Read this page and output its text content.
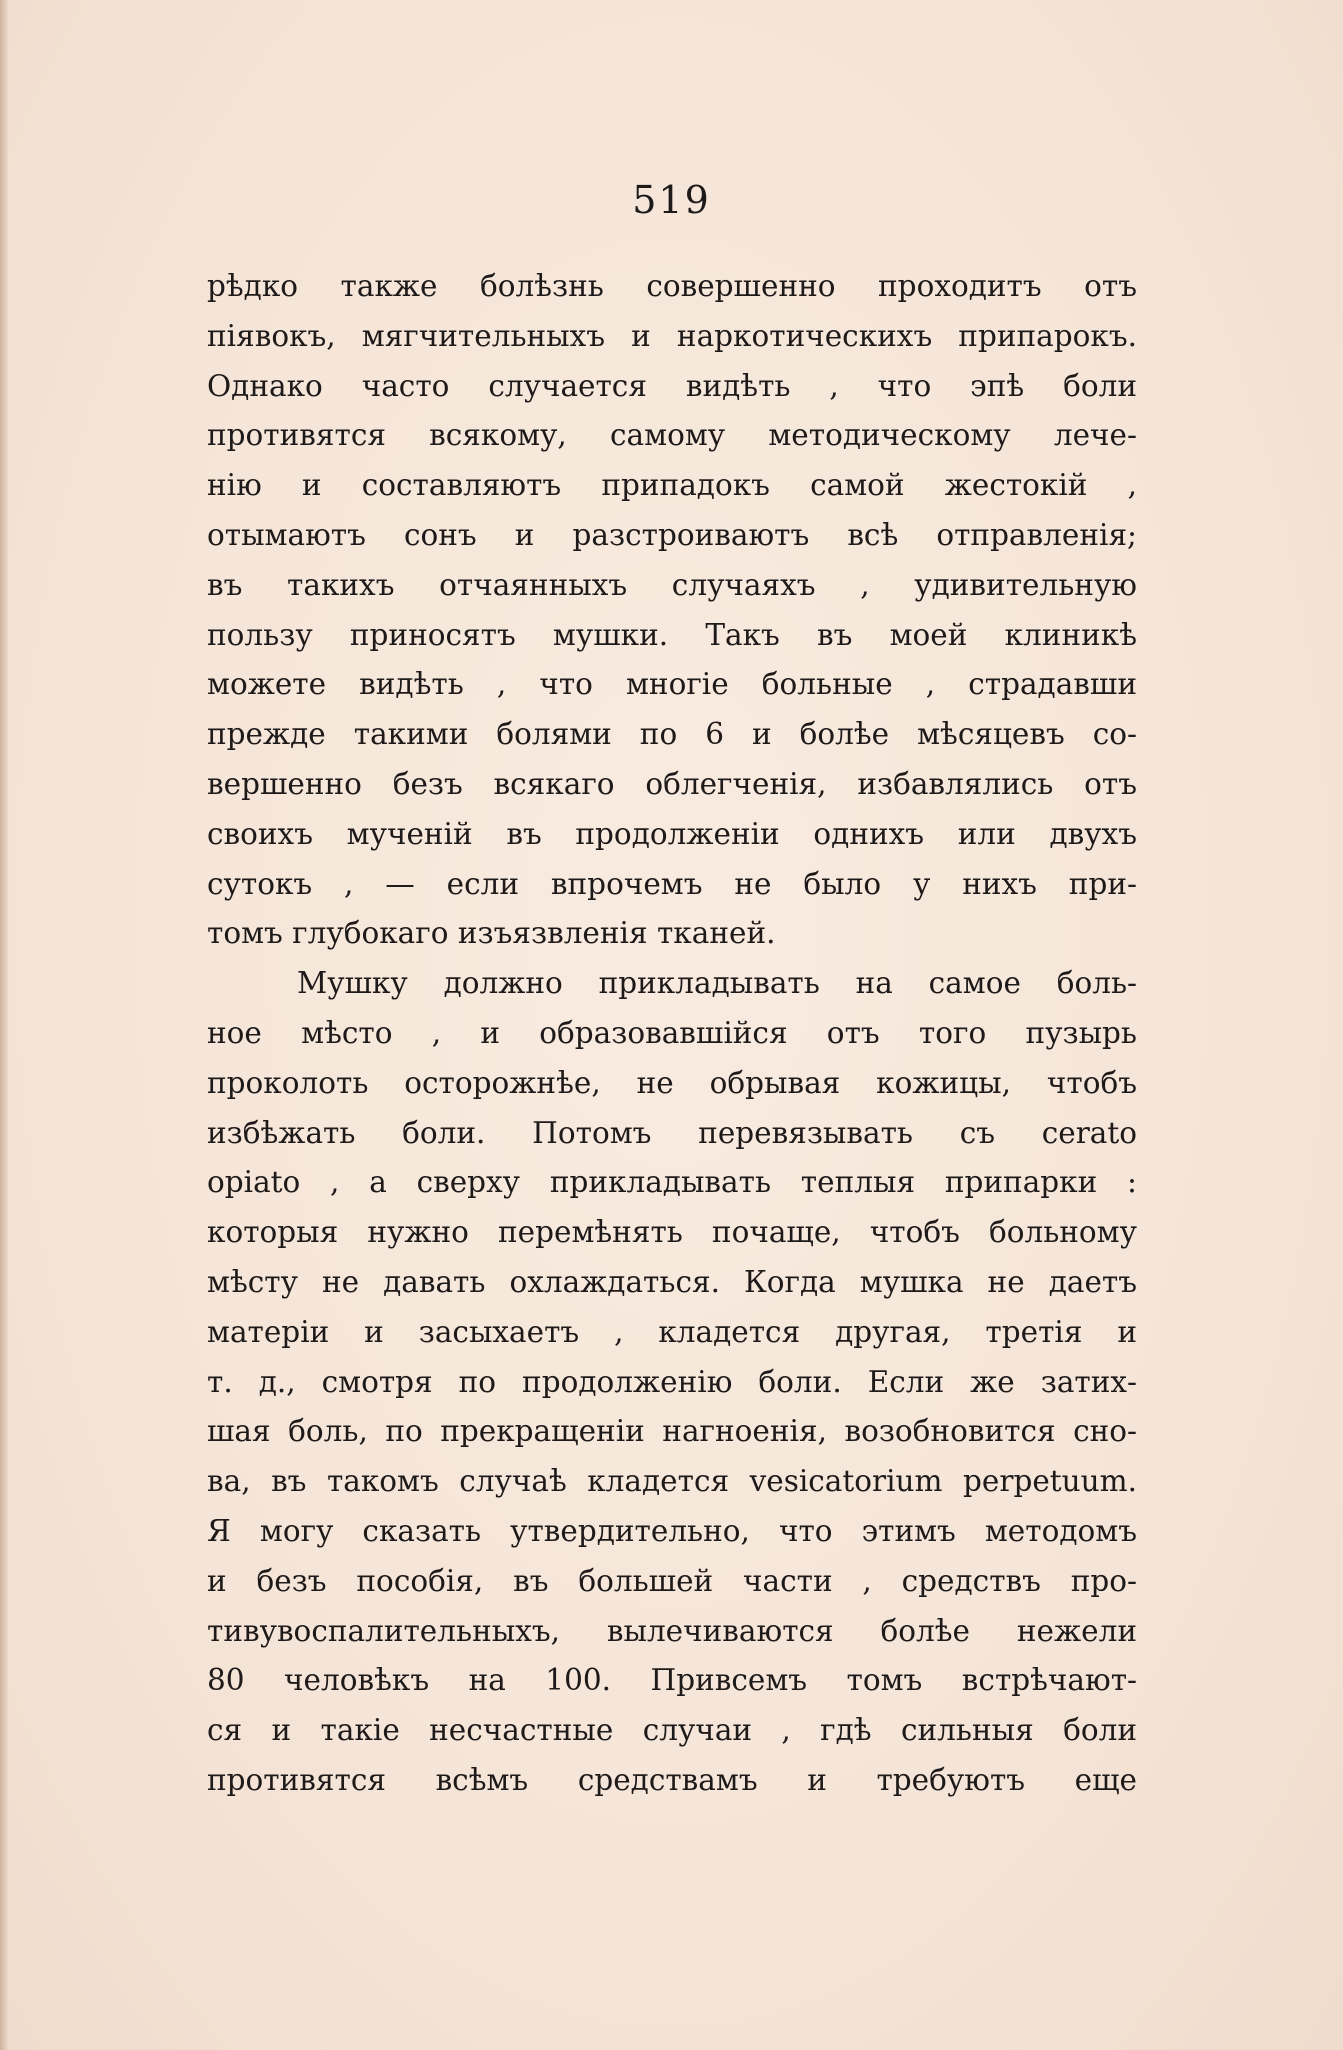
519
рѣдко также болѣзнь совершенно проходитъ отъ
піявокъ, мягчительныхъ и наркотическихъ припарокъ.
Однако часто случается видѣть , что эпѣ боли
противятся всякому, самому методическому лече-
нію и составляютъ припадокъ самой жестокій ,
отымаютъ сонъ и разстроиваютъ всѣ отправленія;
въ такихъ отчаянныхъ случаяхъ , удивительную
пользу приносятъ мушки. Такъ въ моей клиникѣ
можете видѣть , что многіе больные , страдавши
прежде такими болями по 6 и болѣе мѣсяцевъ со-
вершенно безъ всякаго облегченія, избавлялись отъ
своихъ мученій въ продолженіи однихъ или двухъ
сутокъ , — если впрочемъ не было у нихъ при-
томъ глубокаго изъязвленія тканей.
Мушку должно прикладывать на самое боль-
ное мѣсто , и образовавшійся отъ того пузырь
проколоть осторожнѣе, не обрывая кожицы, чтобъ
избѣжать боли. Потомъ перевязывать съ cerato
opiato , а сверху прикладывать теплыя припарки :
которыя нужно перемѣнять почаще, чтобъ больному
мѣсту не давать охлаждаться. Когда мушка не даетъ
матеріи и засыхаетъ , кладется другая, третія и
т. д., смотря по продолженію боли. Если же затих-
шая боль, по прекращеніи нагноенія, возобновится сно-
ва, въ такомъ случаѣ кладется vesicatorium perpetuum.
Я могу сказать утвердительно, что этимъ методомъ
и безъ пособія, въ большей части , средствъ про-
тивувоспалительныхъ, вылечиваются болѣе нежели
80 человѣкъ на 100. Привсемъ томъ встрѣчают-
ся и такіе несчастные случаи , гдѣ сильныя боли
противятся всѣмъ средствамъ и требуютъ еще
